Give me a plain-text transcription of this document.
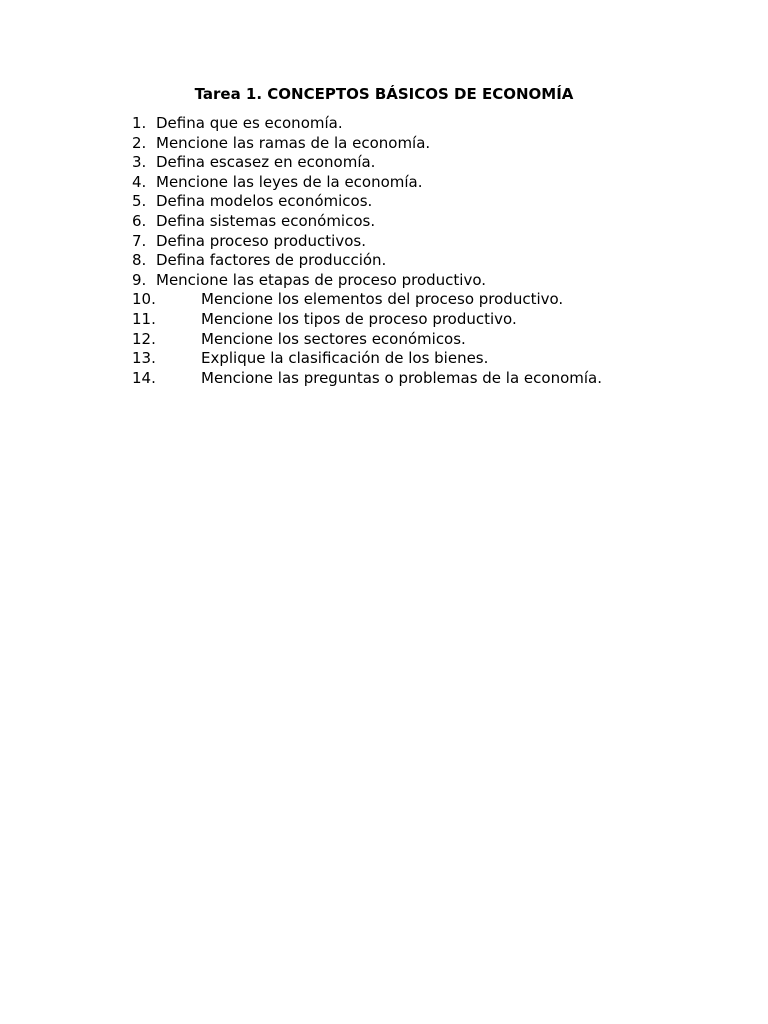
Tarea 1. CONCEPTOS BÁSICOS DE ECONOMÍA
1. Defina que es economía.
2. Mencione las ramas de la economía.
3. Defina escasez en economía.
4. Mencione las leyes de la economía.
5. Defina modelos económicos.
6. Defina sistemas económicos.
7. Defina proceso productivos.
8. Defina factores de producción.
9. Mencione las etapas de proceso productivo.
10.	Mencione los elementos del proceso productivo.
11.	Mencione los tipos de proceso productivo.
12.	Mencione los sectores económicos.
13.	Explique la clasificación de los bienes.
14.	Mencione las preguntas o problemas de la economía.
